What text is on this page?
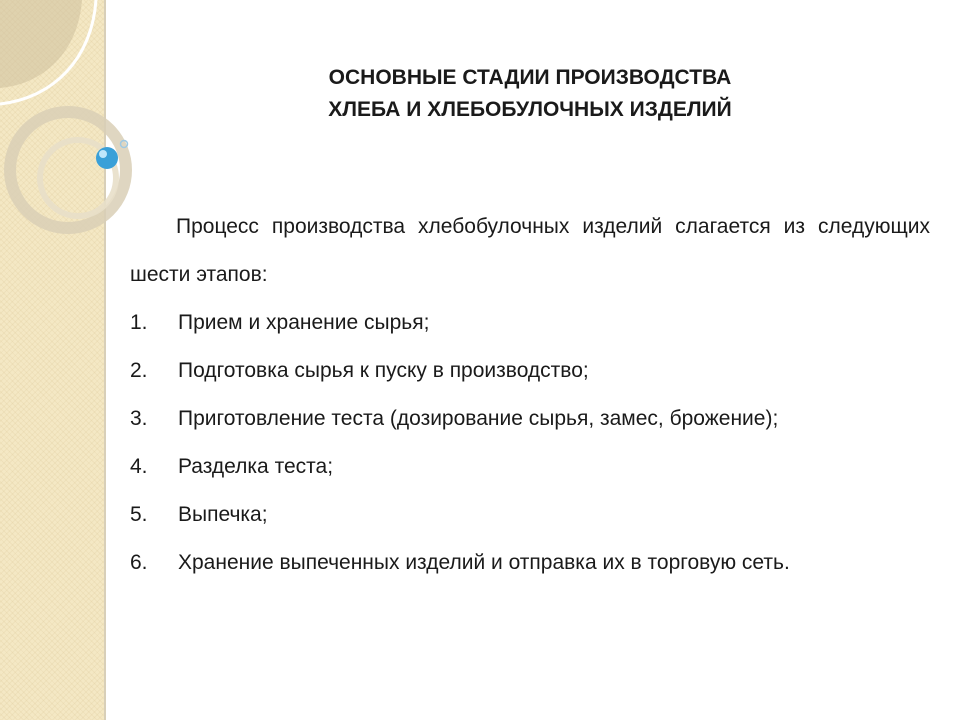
ОСНОВНЫЕ СТАДИИ ПРОИЗВОДСТВА
ХЛЕБА И ХЛЕБОБУЛОЧНЫХ ИЗДЕЛИЙ

Процесс производства хлебобулочных изделий слагается из следующих шести этапов:

1. Прием и хранение сырья;
2. Подготовка сырья к пуску в производство;
3. Приготовление теста (дозирование сырья, замес, брожение);
4. Разделка теста;
5. Выпечка;
6. Хранение выпеченных изделий и отправка их в торговую сеть.
